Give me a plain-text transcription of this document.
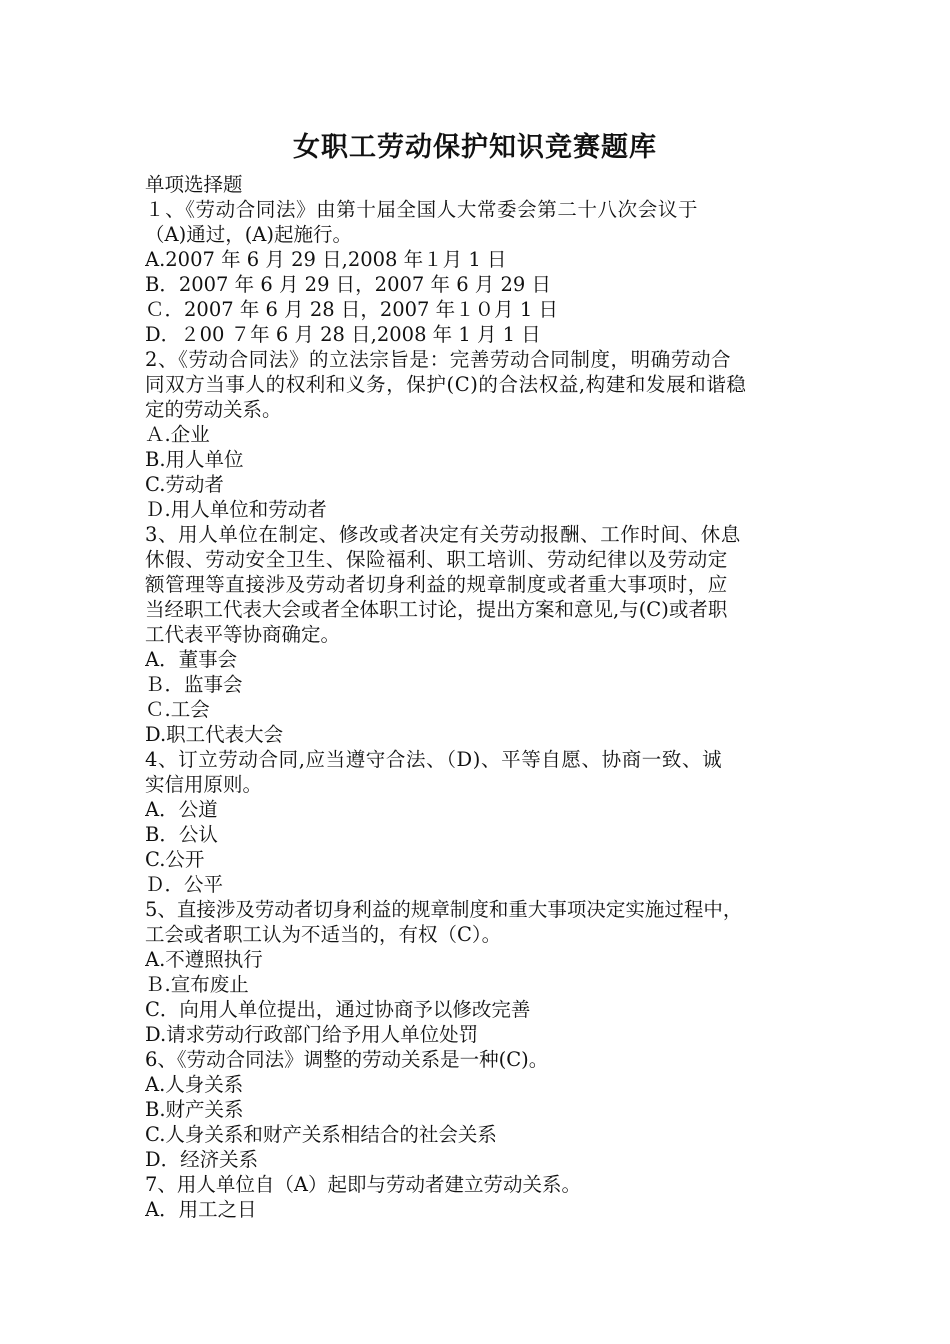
女职工劳动保护知识竞赛题库
单项选择题
１、《劳动合同法》由第十届全国人大常委会第二十八次会议于
（A)通过，(A)起施行。
A.2007 年 6 月 29 日,2008 年１月 1 日
B．2007 年 6 月 29 日，2007 年 6 月 29 日
Ｃ．2007 年 6 月 28 日，2007 年１０月 1 日
D．２00 ７年 6 月 28 日,2008 年 1 月 1 日
2、《劳动合同法》的立法宗旨是：完善劳动合同制度，明确劳动合
同双方当事人的权利和义务，保护(C)的合法权益,构建和发展和谐稳
定的劳动关系。
Ａ.企业
B.用人单位
C.劳动者
Ｄ.用人单位和劳动者
3、用人单位在制定、修改或者决定有关劳动报酬、工作时间、休息
休假、劳动安全卫生、保险福利、职工培训、劳动纪律以及劳动定
额管理等直接涉及劳动者切身利益的规章制度或者重大事项时，应
当经职工代表大会或者全体职工讨论，提出方案和意见,与(C)或者职
工代表平等协商确定。
A．董事会
Ｂ．监事会
Ｃ.工会
D.职工代表大会
4、订立劳动合同,应当遵守合法、（D)、平等自愿、协商一致、诚
实信用原则。
A．公道
B．公认
C.公开
Ｄ．公平
5、直接涉及劳动者切身利益的规章制度和重大事项决定实施过程中，
工会或者职工认为不适当的，有权（C）。
A.不遵照执行
Ｂ.宣布废止
C．向用人单位提出，通过协商予以修改完善
D.请求劳动行政部门给予用人单位处罚
6、《劳动合同法》调整的劳动关系是一种(C)。
A.人身关系
B.财产关系
C.人身关系和财产关系相结合的社会关系
D．经济关系
7、用人单位自（A）起即与劳动者建立劳动关系。
A．用工之日
